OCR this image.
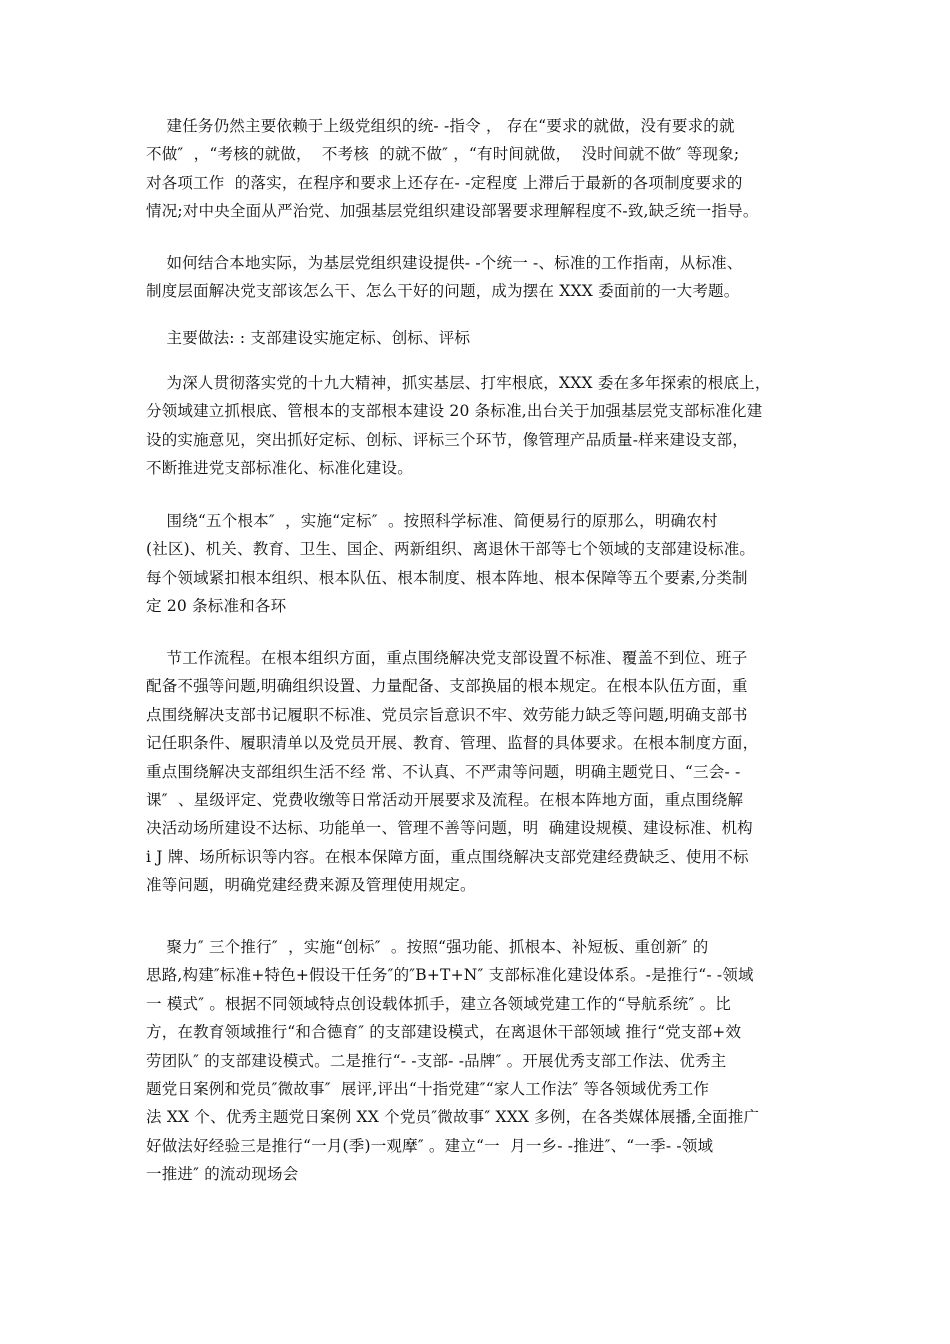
建任务仍然主要依赖于上级党组织的统- -指令 ， 存在“要求的就做，没有要求的就
不做″  ，“考核的就做，  不考核  的就不做″ ，“有时间就做，  没时间就不做″ 等现象;
对各项工作  的落实，在程序和要求上还存在- -定程度 上滞后于最新的各项制度要求的
情况;对中央全面从严治党、加强基层党组织建设部署要求理解程度不-致,缺乏统一指导。

如何结合本地实际，为基层党组织建设提供- -个统一 -、标准的工作指南，从标准、
制度层面解决党支部该怎么干、怎么干好的问题，成为摆在 XXX 委面前的一大考题。

主要做法: : 支部建设实施定标、创标、评标

为深人贯彻落实党的十九大精神，抓实基层、打牢根底，XXX 委在多年探索的根底上，
分领域建立抓根底、管根本的支部根本建设 20 条标准,出台关于加强基层党支部标准化建
设的实施意见，突出抓好定标、创标、评标三个环节，像管理产品质量-样来建设支部，
不断推进党支部标准化、标准化建设。

围绕“五个根本″  ，实施“定标″  。按照科学标准、简便易行的原那么，明确农村
(社区)、机关、教育、卫生、国企、两新组织、离退休干部等七个领域的支部建设标准。
每个领域紧扣根本组织、根本队伍、根本制度、根本阵地、根本保障等五个要素,分类制
定 20 条标准和各环

节工作流程。在根本组织方面，重点围绕解决党支部设置不标准、覆盖不到位、班子
配备不强等问题,明确组织设置、力量配备、支部换届的根本规定。在根本队伍方面，重
点围绕解决支部书记履职不标准、党员宗旨意识不牢、效劳能力缺乏等问题,明确支部书
记任职条件、履职清单以及党员开展、教育、管理、监督的具体要求。在根本制度方面，
重点围绕解决支部组织生活不经 常、不认真、不严肃等问题，明确主题党日、“三会- -
课″  、星级评定、党费收缴等日常活动开展要求及流程。在根本阵地方面，重点围绕解
决活动场所建设不达标、功能单一、管理不善等问题，明  确建设规模、建设标准、机构
i J 牌、场所标识等内容。在根本保障方面，重点围绕解决支部党建经费缺乏、使用不标
准等问题，明确党建经费来源及管理使用规定。

聚力″ 三个推行″  ，实施“创标″  。按照“强功能、抓根本、补短板、重创新″ 的
思路,构建″标准+特色+假设干任务″的″B+T+N″ 支部标准化建设体系。-是推行“- -领域
一 模式″ 。根据不同领域特点创设载体抓手，建立各领域党建工作的“导航系统″ 。比
方，在教育领域推行“和合德育″ 的支部建设模式，在离退休干部领域 推行“党支部+效
劳团队″ 的支部建设模式。二是推行“- -支部- -品牌″ 。开展优秀支部工作法、优秀主
题党日案例和党员″微故事″  展评,评出“十指党建″“家人工作法″ 等各领域优秀工作
法 XX 个、优秀主题党日案例 XX 个党员″微故事″ XXX 多例，在各类媒体展播,全面推广
好做法好经验三是推行“一月(季)一观摩″ 。建立“一  月一乡- -推进″、“一季- -领域
一推进″ 的流动现场会
